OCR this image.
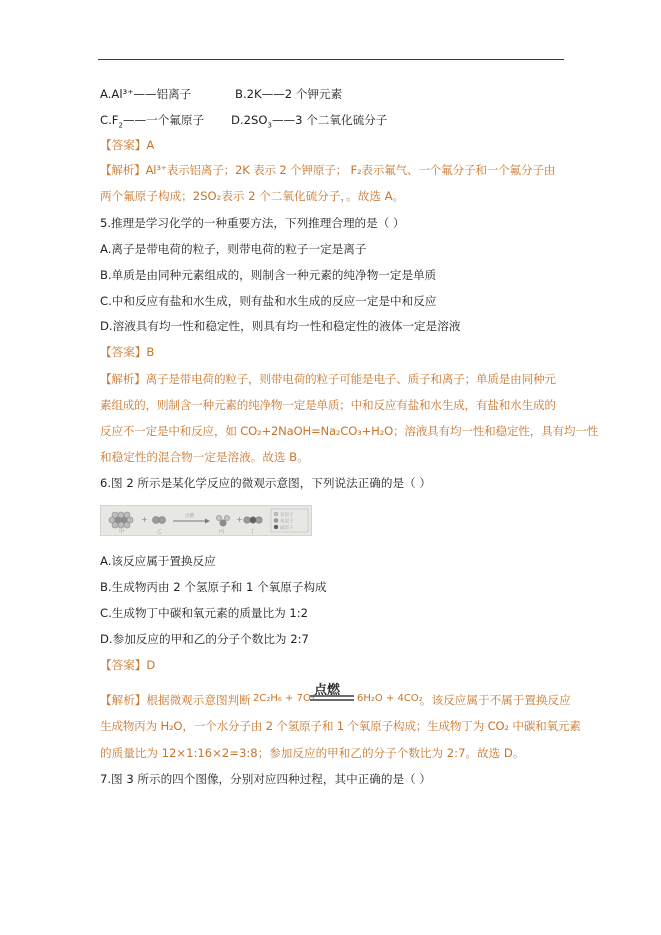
A.Al³⁺——铝离子	B.2K——2 个钾元素
$C.F_2——$一个氟原子 $D.2SO_3——3$ 个二氧化硫分子
【答案】A
【解析】Al³⁺表示铝离子；2K 表示 2 个钾原子； F₂表示氟气、一个氟分子和一个氟分子由
两个氟原子构成；2SO₂表示 2 个二氧化硫分子，。故选 A。
5.推理是学习化学的一种重要方法，下列推理合理的是（ ）
A.离子是带电荷的粒子，则带电荷的粒子一定是离子
B.单质是由同种元素组成的，则制含一种元素的纯净物一定是单质
C.中和反应有盐和水生成，则有盐和水生成的反应一定是中和反应
D.溶液具有均一性和稳定性，则具有均一性和稳定性的液体一定是溶液
【答案】B
【解析】离子是带电荷的粒子，则带电荷的粒子可能是电子、质子和离子；单质是由同种元
素组成的，则制含一种元素的纯净物一定是单质；中和反应有盐和水生成，有盐和水生成的
反应不一定是中和反应，如 CO₂+2NaOH=Na₂CO₃+H₂O；溶液具有均一性和稳定性，具有均一性
和稳定性的混合物一定是溶液。故选 B。
6.图 2 所示是某化学反应的微观示意图，下列说法正确的是（ ）
甲
+
乙
点燃
丙
+
丁
氢原子
氧原子
碳原子
A.该反应属于置换反应
B.生成物丙由 2 个氢原子和 1 个氧原子构成
C.生成物丁中碳和氧元素的质量比为 1:2
D.参加反应的甲和乙的分子个数比为 2:7
【答案】D
【解析】根据微观示意图判断 2C₂H₆ + 7O₂
点燃
6H₂O + 4CO₂
。该反应属于不属于置换反应
生成物丙为 H₂O，一个水分子由 2 个氢原子和 1 个氧原子构成；生成物丁为 CO₂ 中碳和氧元素
的质量比为 12×1:16×2=3:8；参加反应的甲和乙的分子个数比为 2:7。故选 D。
7.图 3 所示的四个图像，分别对应四种过程，其中正确的是（ ）
